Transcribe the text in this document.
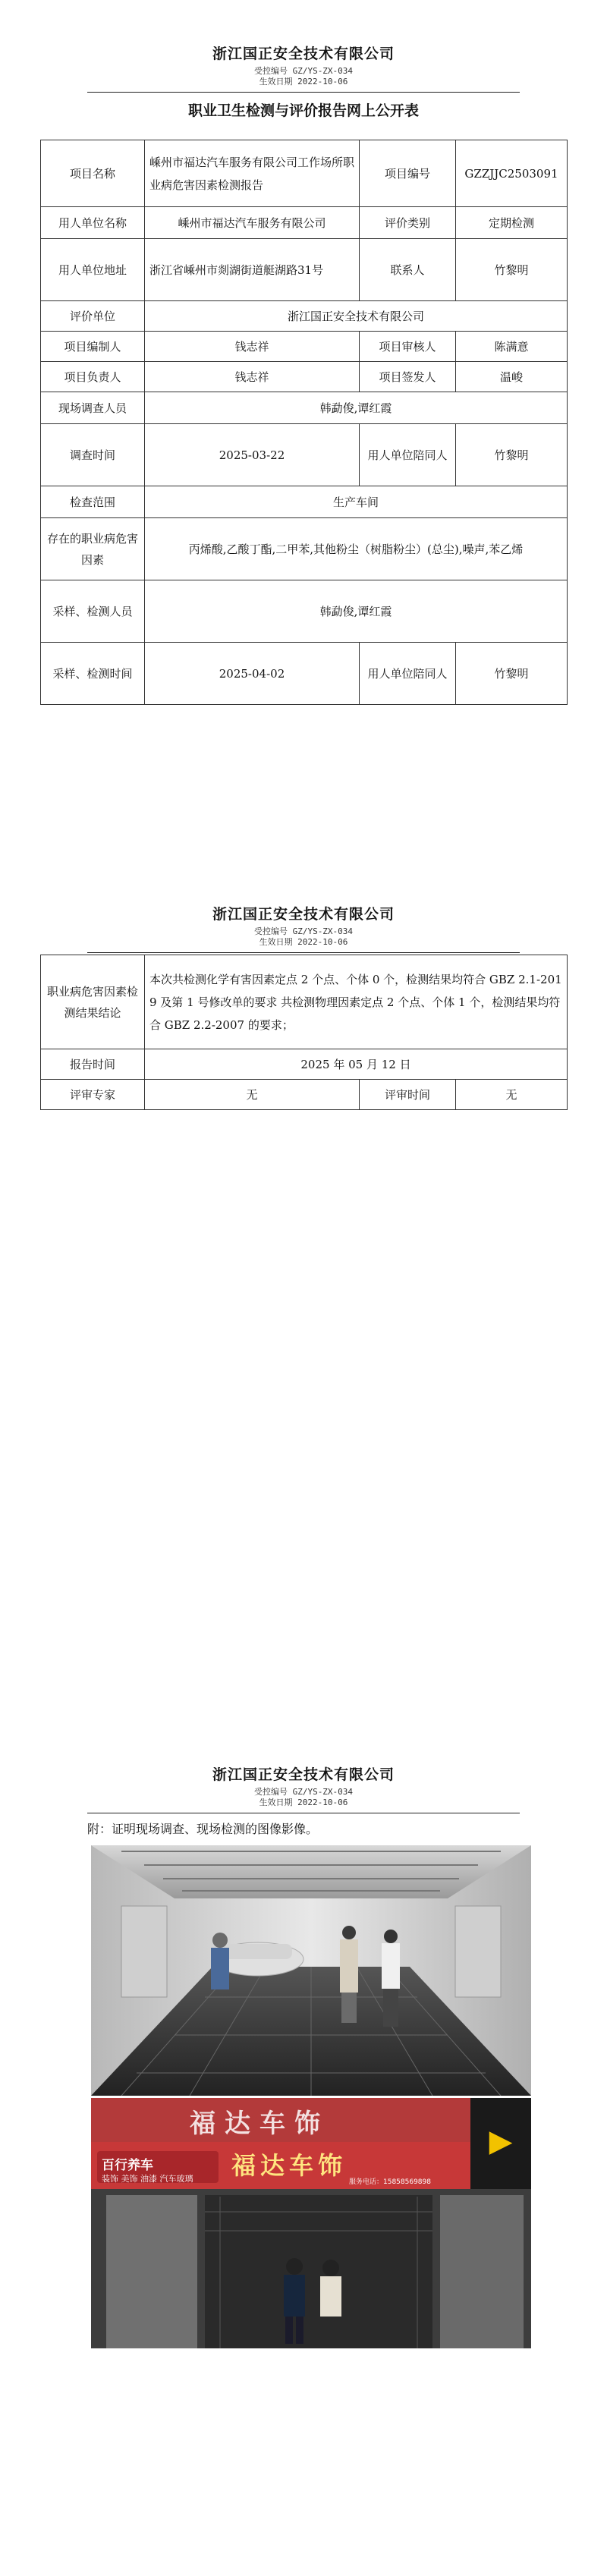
浙江国正安全技术有限公司
受控编号 GZ/YS-ZX-034
生效日期 2022-10-06
职业卫生检测与评价报告网上公开表
项目名称	嵊州市福达汽车服务有限公司工作场所职业病危害因素检测报告	项目编号	GZZJJC2503091
用人单位名称	嵊州市福达汽车服务有限公司	评价类别	定期检测
用人单位地址	浙江省嵊州市剡湖街道艇湖路31号	联系人	竹黎明
评价单位	浙江国正安全技术有限公司		
项目编制人	钱志祥	项目审核人	陈满意
项目负责人	钱志祥	项目签发人	温峻
现场调查人员	韩勐俊,谭红霞		
调查时间	2025-03-22	用人单位陪同人	竹黎明
检查范围	生产车间		
存在的职业病危害因素	丙烯酸,乙酸丁酯,二甲苯,其他粉尘（树脂粉尘）(总尘),噪声,苯乙烯		
采样、检测人员	韩勐俊,谭红霞		
采样、检测时间	2025-04-02	用人单位陪同人	竹黎明
浙江国正安全技术有限公司
受控编号 GZ/YS-ZX-034
生效日期 2022-10-06
职业病危害因素检测结果结论	本次共检测化学有害因素定点 2 个点、个体 0 个，检测结果均符合 GBZ 2.1-2019 及第 1 号修改单的要求 共检测物理因素定点 2 个点、个体 1 个，检测结果均符合 GBZ 2.2-2007 的要求；		
报告时间	2025 年 05 月 12 日		
评审专家	无	评审时间	无
浙江国正安全技术有限公司
受控编号 GZ/YS-ZX-034
生效日期 2022-10-06
附：证明现场调查、现场检测的图像影像。
▶
福达车饰
百行养车	福达车饰
装饰 美饰 油漆 汽车玻璃	服务电话：15858569898
